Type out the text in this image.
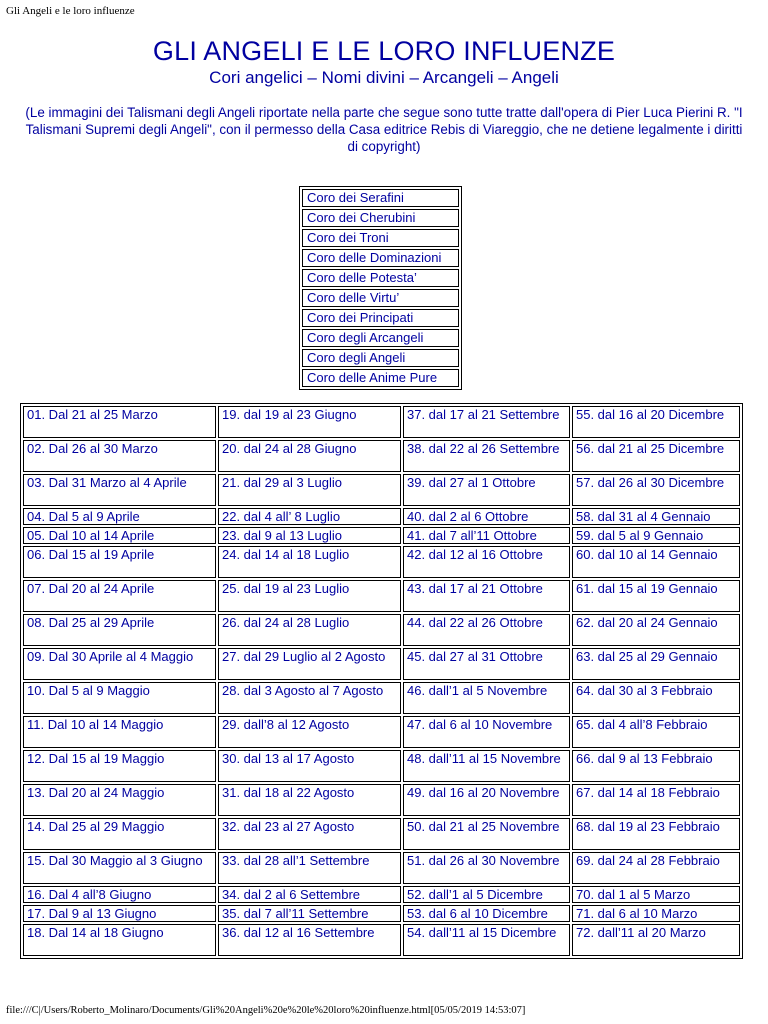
Gli Angeli e le loro influenze
GLI ANGELI E LE LORO INFLUENZE
Cori angelici – Nomi divini – Arcangeli – Angeli
(Le immagini dei Talismani degli Angeli riportate nella parte che segue sono tutte tratte dall'opera di Pier Luca Pierini R. "I Talismani Supremi degli Angeli", con il permesso della Casa editrice Rebis di Viareggio, che ne detiene legalmente i diritti di copyright)
Coro dei Serafini
Coro dei Cherubini
Coro dei Troni
Coro delle Dominazioni
Coro delle Potesta’
Coro delle Virtu’
Coro dei Principati
Coro degli Arcangeli
Coro degli Angeli
Coro delle Anime Pure
01. Dal 21 al 25 Marzo	19. dal 19 al 23 Giugno	37. dal 17 al 21 Settembre	55. dal 16 al 20 Dicembre
02. Dal 26 al 30 Marzo	20. dal 24 al 28 Giugno	38. dal 22 al 26 Settembre	56. dal 21 al 25 Dicembre
03. Dal 31 Marzo al 4 Aprile	21. dal 29 al 3 Luglio	39. dal 27 al 1 Ottobre	57. dal 26 al 30 Dicembre
04. Dal 5 al 9 Aprile	22. dal 4 all’ 8 Luglio	40. dal 2 al 6 Ottobre	58. dal 31 al 4 Gennaio
05. Dal 10 al 14 Aprile	23. dal 9 al 13 Luglio	41. dal 7 all’11 Ottobre	59. dal 5 al 9 Gennaio
06. Dal 15 al 19 Aprile	24. dal 14 al 18 Luglio	42. dal 12 al 16 Ottobre	60. dal 10 al 14 Gennaio
07. Dal 20 al 24 Aprile	25. dal 19 al 23 Luglio	43. dal 17 al 21 Ottobre	61. dal 15 al 19 Gennaio
08. Dal 25 al 29 Aprile	26. dal 24 al 28 Luglio	44. dal 22 al 26 Ottobre	62. dal 20 al 24 Gennaio
09. Dal 30 Aprile al 4 Maggio	27. dal 29 Luglio al 2 Agosto	45. dal 27 al 31 Ottobre	63. dal 25 al 29 Gennaio
10. Dal 5 al 9 Maggio	28. dal 3 Agosto al 7 Agosto	46. dall’1 al 5 Novembre	64. dal 30 al 3 Febbraio
11. Dal 10 al 14 Maggio	29. dall’8 al 12 Agosto	47. dal 6 al 10 Novembre	65. dal 4 all’8 Febbraio
12. Dal 15 al 19 Maggio	30. dal 13 al 17 Agosto	48. dall’11 al 15 Novembre	66. dal 9 al 13 Febbraio
13. Dal 20 al 24 Maggio	31. dal 18 al 22 Agosto	49. dal 16 al 20 Novembre	67. dal 14 al 18 Febbraio
14. Dal 25 al 29 Maggio	32. dal 23 al 27 Agosto	50. dal 21 al 25 Novembre	68. dal 19 al 23 Febbraio
15. Dal 30 Maggio al 3 Giugno	33. dal 28 all’1 Settembre	51. dal 26 al 30 Novembre	69. dal 24 al 28 Febbraio
16. Dal 4 all’8 Giugno	34. dal 2 al 6 Settembre	52. dall’1 al 5 Dicembre	70. dal 1 al 5 Marzo
17. Dal 9 al 13 Giugno	35. dal 7 all’11 Settembre	53. dal 6 al 10 Dicembre	71. dal 6 al 10 Marzo
18. Dal 14 al 18 Giugno	36. dal 12 al 16 Settembre	54. dall’11 al 15 Dicembre	72. dall’11 al 20 Marzo
file:///C|/Users/Roberto_Molinaro/Documents/Gli%20Angeli%20e%20le%20loro%20influenze.html[05/05/2019 14:53:07]
